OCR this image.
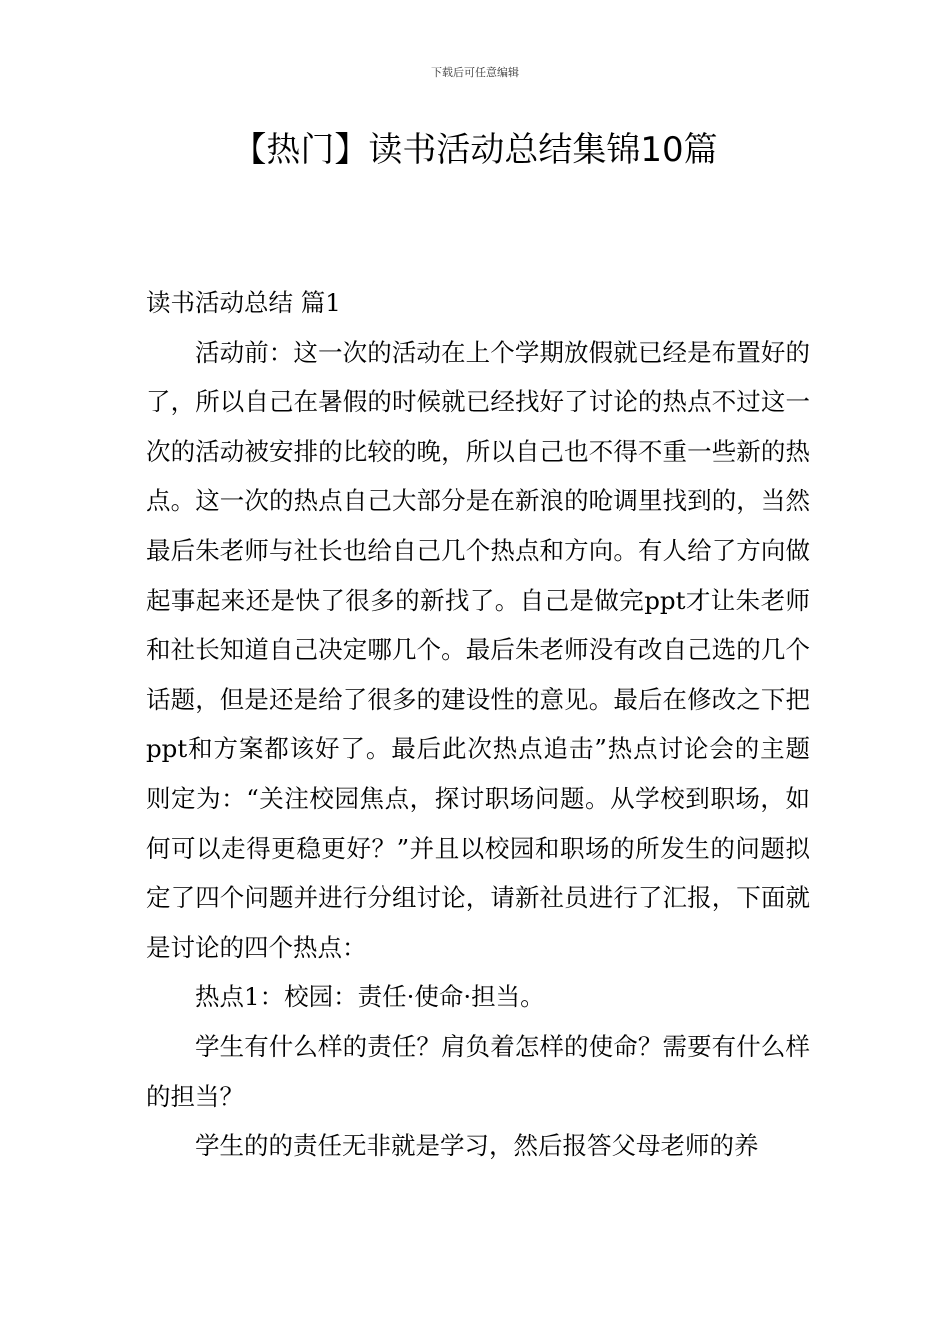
下载后可任意编辑
【热门】读书活动总结集锦10篇

读书活动总结 篇1

活动前：这一次的活动在上个学期放假就已经是布置好的了，所以自己在暑假的时候就已经找好了讨论的热点不过这一次的活动被安排的比较的晚，所以自己也不得不重一些新的热点。这一次的热点自己大部分是在新浪的呛调里找到的，当然最后朱老师与社长也给自己几个热点和方向。有人给了方向做起事起来还是快了很多的新找了。自己是做完ppt才让朱老师和社长知道自己决定哪几个。最后朱老师没有改自己选的几个话题，但是还是给了很多的建设性的意见。最后在修改之下把ppt和方案都该好了。最后此次热点追击”热点讨论会的主题则定为：“关注校园焦点，探讨职场问题。从学校到职场，如何可以走得更稳更好？”并且以校园和职场的所发生的问题拟定了四个问题并进行分组讨论，请新社员进行了汇报，下面就是讨论的四个热点：

热点1：校园：责任·使命·担当。

学生有什么样的责任？肩负着怎样的使命？需要有什么样的担当？

学生的的责任无非就是学习，然后报答父母老师的养
